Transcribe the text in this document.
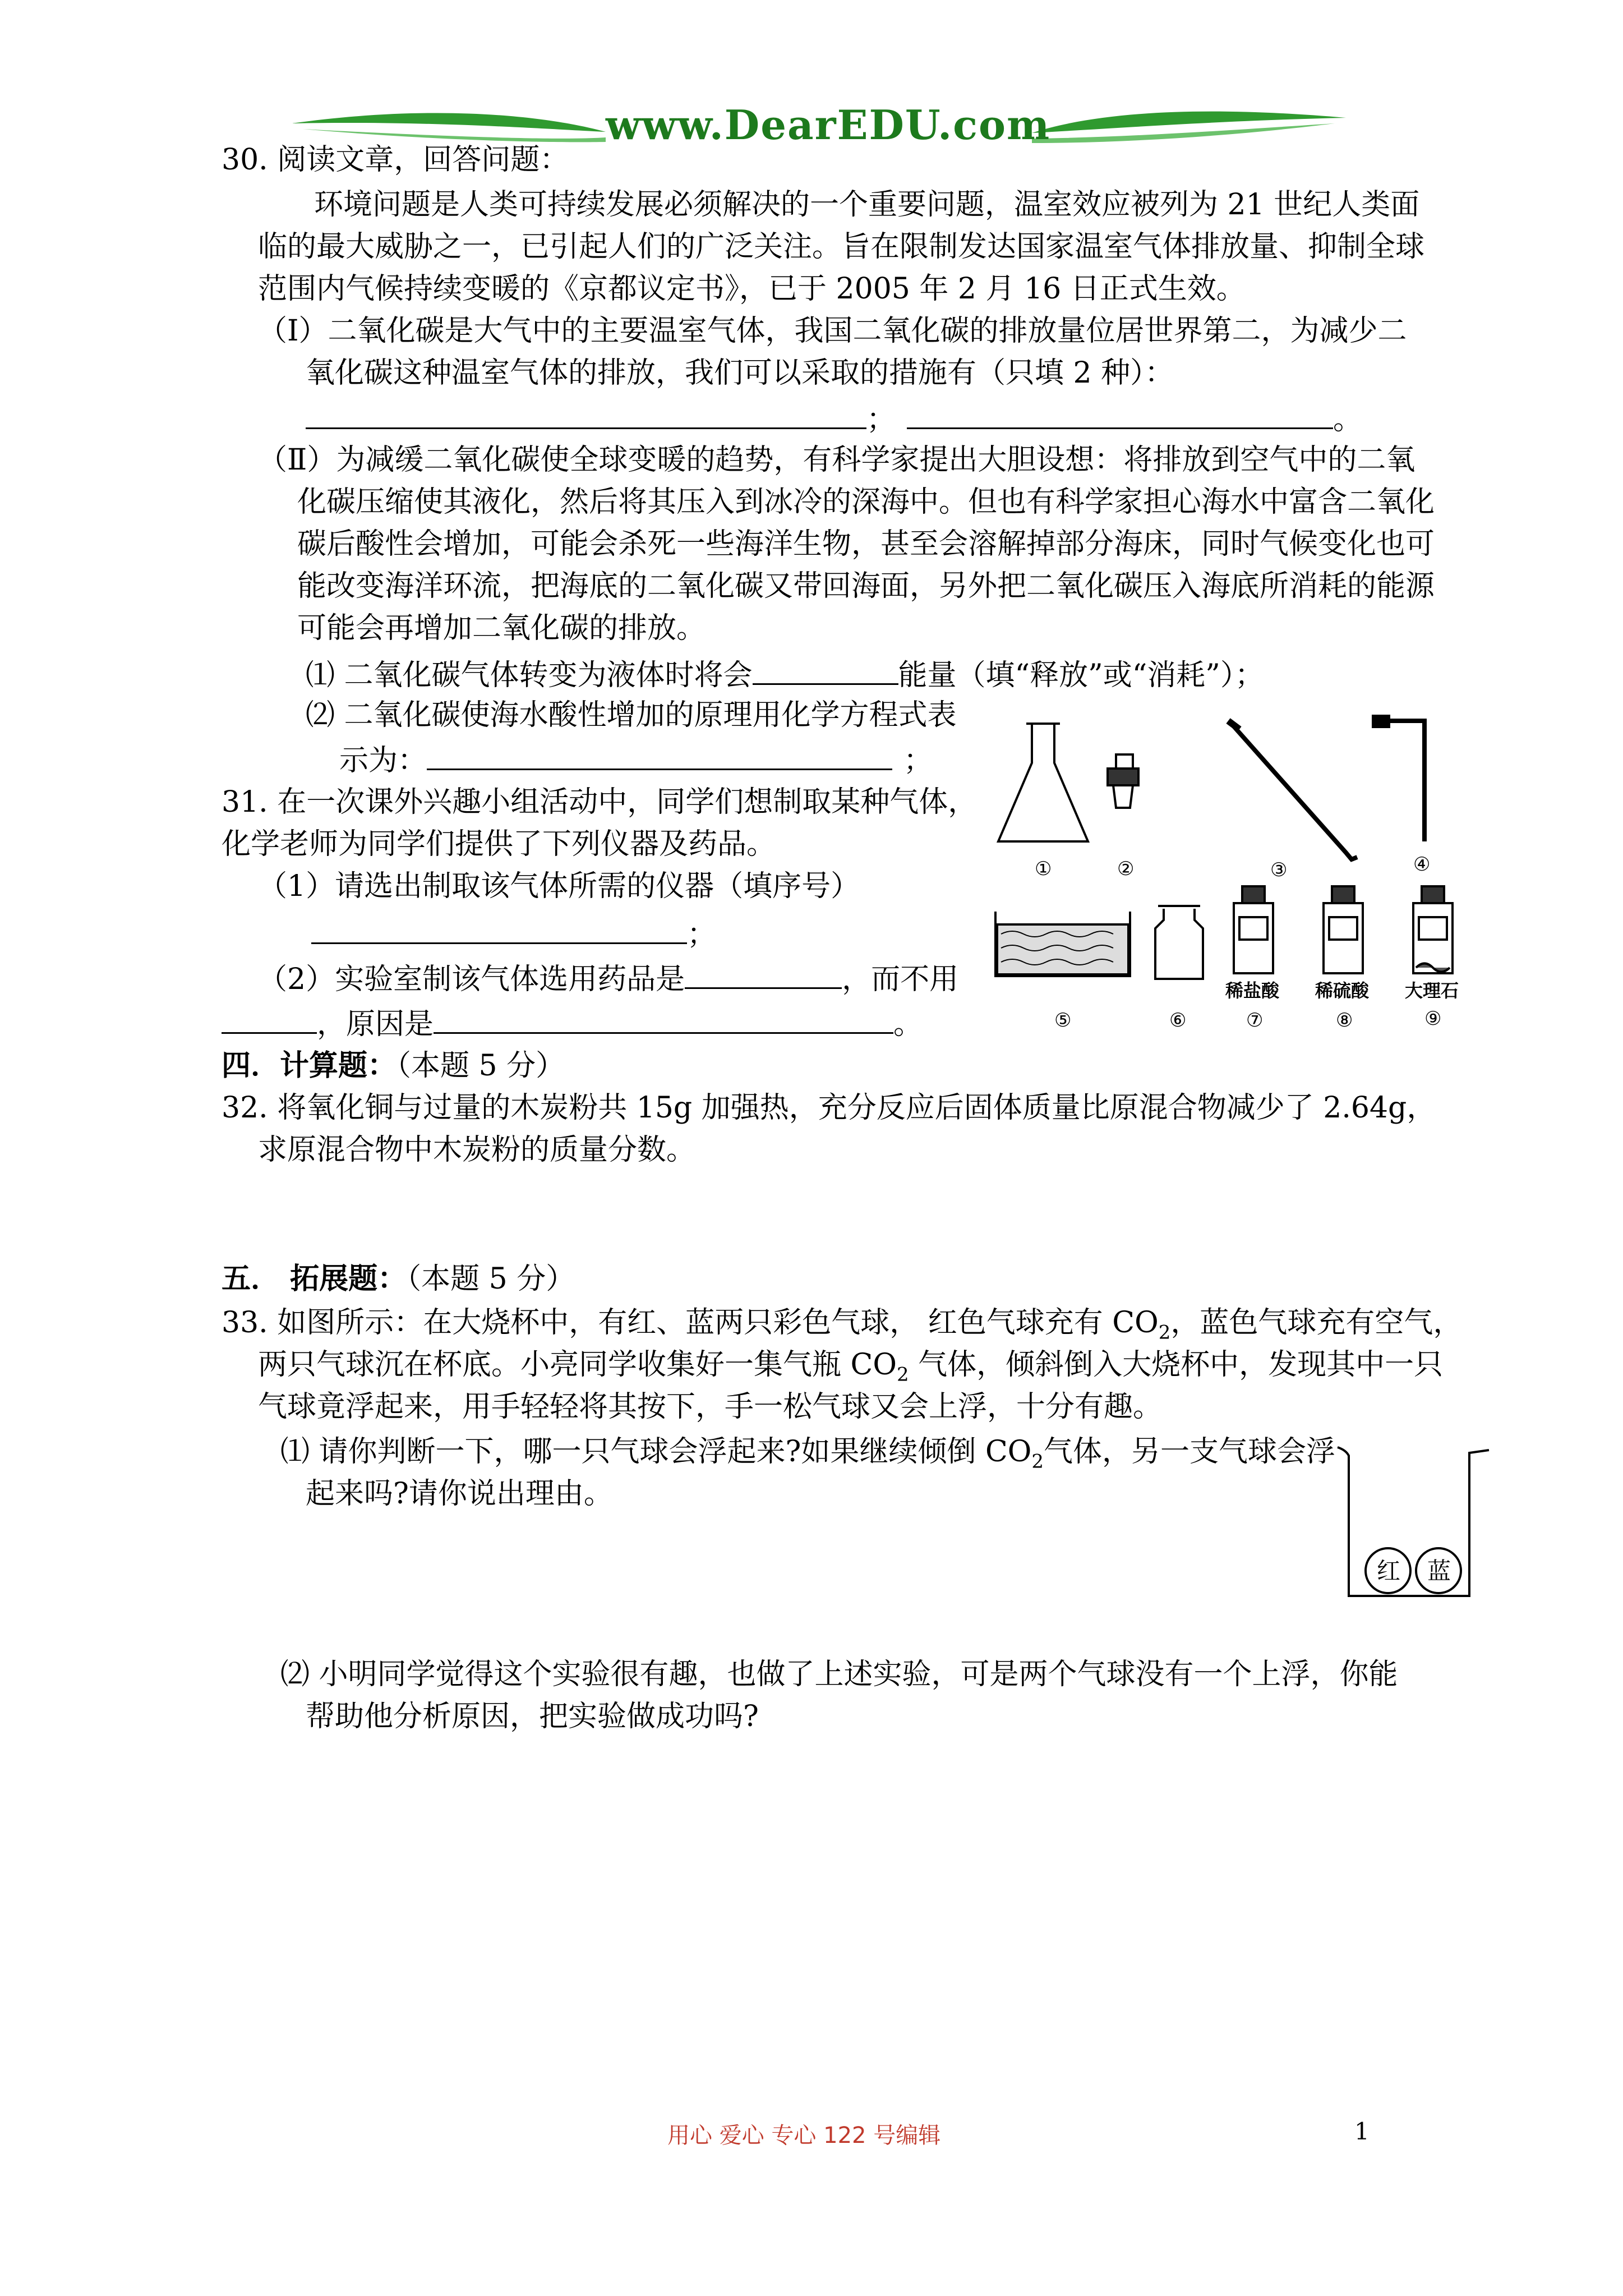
www.DearEDU.com
30. 阅读文章，回答问题：
环境问题是人类可持续发展必须解决的一个重要问题，温室效应被列为 21 世纪人类面
临的最大威胁之一，已引起人们的广泛关注。旨在限制发达国家温室气体排放量、抑制全球
范围内气候持续变暖的《京都议定书》，已于 2005 年 2 月 16 日正式生效。
（Ⅰ）二氧化碳是大气中的主要温室气体，我国二氧化碳的排放量位居世界第二，为减少二
氧化碳这种温室气体的排放，我们可以采取的措施有（只填 2 种）：
；	。
（Ⅱ）为减缓二氧化碳使全球变暖的趋势，有科学家提出大胆设想：将排放到空气中的二氧
化碳压缩使其液化，然后将其压入到冰冷的深海中。但也有科学家担心海水中富含二氧化
碳后酸性会增加，可能会杀死一些海洋生物，甚至会溶解掉部分海床，同时气候变化也可
能改变海洋环流，把海底的二氧化碳又带回海面，另外把二氧化碳压入海底所消耗的能源
可能会再增加二氧化碳的排放。
⑴ 二氧化碳气体转变为液体时将会	能量（填“释放”或“消耗”）；
⑵ 二氧化碳使海水酸性增加的原理用化学方程式表
示为：	；
31. 在一次课外兴趣小组活动中，同学们想制取某种气体，
化学老师为同学们提供了下列仪器及药品。
（1）请选出制取该气体所需的仪器（填序号）
；
（2）实验室制该气体选用药品是	，而不用
，原因是	。
①	②	③	④
⑤	⑥	⑦	⑧	⑨
稀盐酸 稀硫酸 大理石
四．计算题：（本题 5 分）
32. 将氧化铜与过量的木炭粉共 15g 加强热，充分反应后固体质量比原混合物减少了 2.64g，
求原混合物中木炭粉的质量分数。
五． 拓展题：（本题 5 分）
33. 如图所示：在大烧杯中，有红、蓝两只彩色气球， 红色气球充有 $CO_2$，蓝色气球充有空气，
两只气球沉在杯底。小亮同学收集好一集气瓶 $CO_2$ 气体，倾斜倒入大烧杯中，发现其中一只
气球竟浮起来，用手轻轻将其按下，手一松气球又会上浮，十分有趣。
⑴ 请你判断一下，哪一只气球会浮起来?如果继续倾倒 $CO_2$气体，另一支气球会浮
起来吗?请你说出理由。
红 蓝
⑵ 小明同学觉得这个实验很有趣，也做了上述实验，可是两个气球没有一个上浮，你能
帮助他分析原因，把实验做成功吗?
用心 爱心 专心 122 号编辑	1
